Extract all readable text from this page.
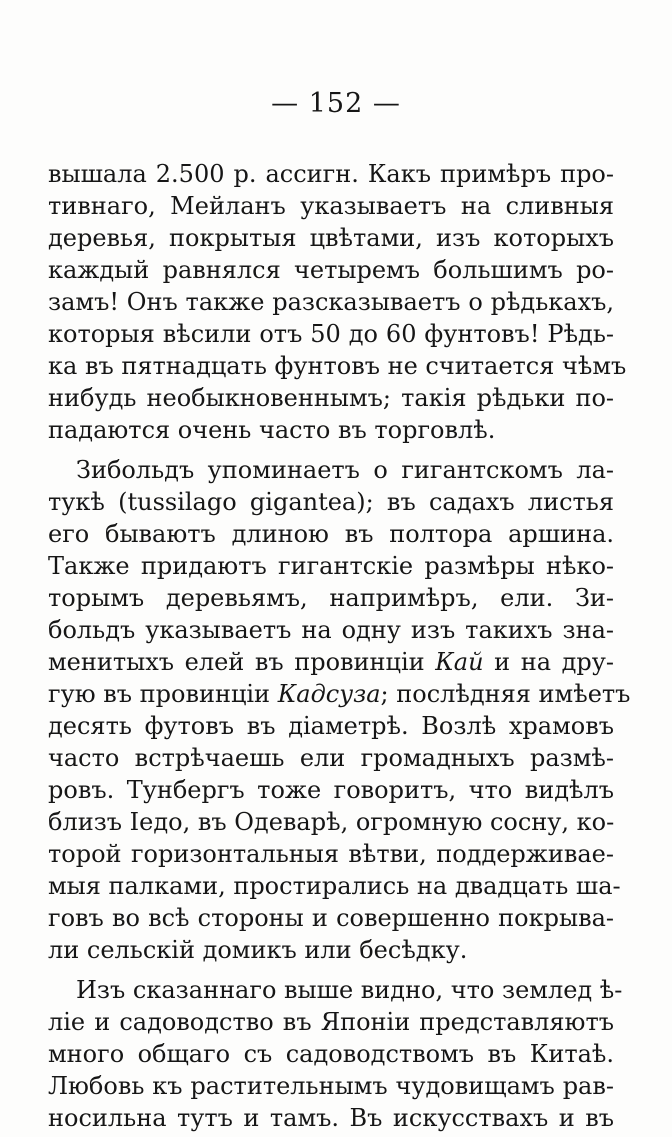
— 152 —
вышала 2.500 р. ассигн. Какъ примѣръ про-
тивнаго, Мейланъ указываетъ на сливныя
деревья, покрытыя цвѣтами, изъ которыхъ
каждый равнялся четыремъ большимъ ро-
замъ! Онъ также разсказываетъ о рѣдькахъ,
которыя вѣсили отъ 50 до 60 фунтовъ! Рѣдь-
ка въ пятнадцать фунтовъ не считается чѣмъ
нибудь необыкновеннымъ; такія рѣдьки по-
падаются очень часто въ торговлѣ.
Зибольдъ упоминаетъ о гигантскомъ ла-
тукѣ (tussilago gigantea); въ садахъ листья
его бываютъ длиною въ полтора аршина.
Также придаютъ гигантскіе размѣры нѣко-
торымъ деревьямъ, напримѣръ, ели. Зи-
больдъ указываетъ на одну изъ такихъ зна-
менитыхъ елей въ провинціи Кай и на дру-
гую въ провинціи Кадсуза; послѣдняя имѣетъ
десять футовъ въ діаметрѣ. Возлѣ храмовъ
часто встрѣчаешь ели громадныхъ размѣ-
ровъ. Тунбергъ тоже говоритъ, что видѣлъ
близъ Іедо, въ Одеварѣ, огромную сосну, ко-
торой горизонтальныя вѣтви, поддерживае-
мыя палками, простирались на двадцать ша-
говъ во всѣ стороны и совершенно покрыва-
ли сельскій домикъ или бесѣдку.
Изъ сказаннаго выше видно, что землед ѣ-
ліе и садоводство въ Японіи представляютъ
много общаго съ садоводствомъ въ Китаѣ.
Любовь къ растительнымъ чудовищамъ рав-
носильна тутъ и тамъ. Въ искусствахъ и въ
